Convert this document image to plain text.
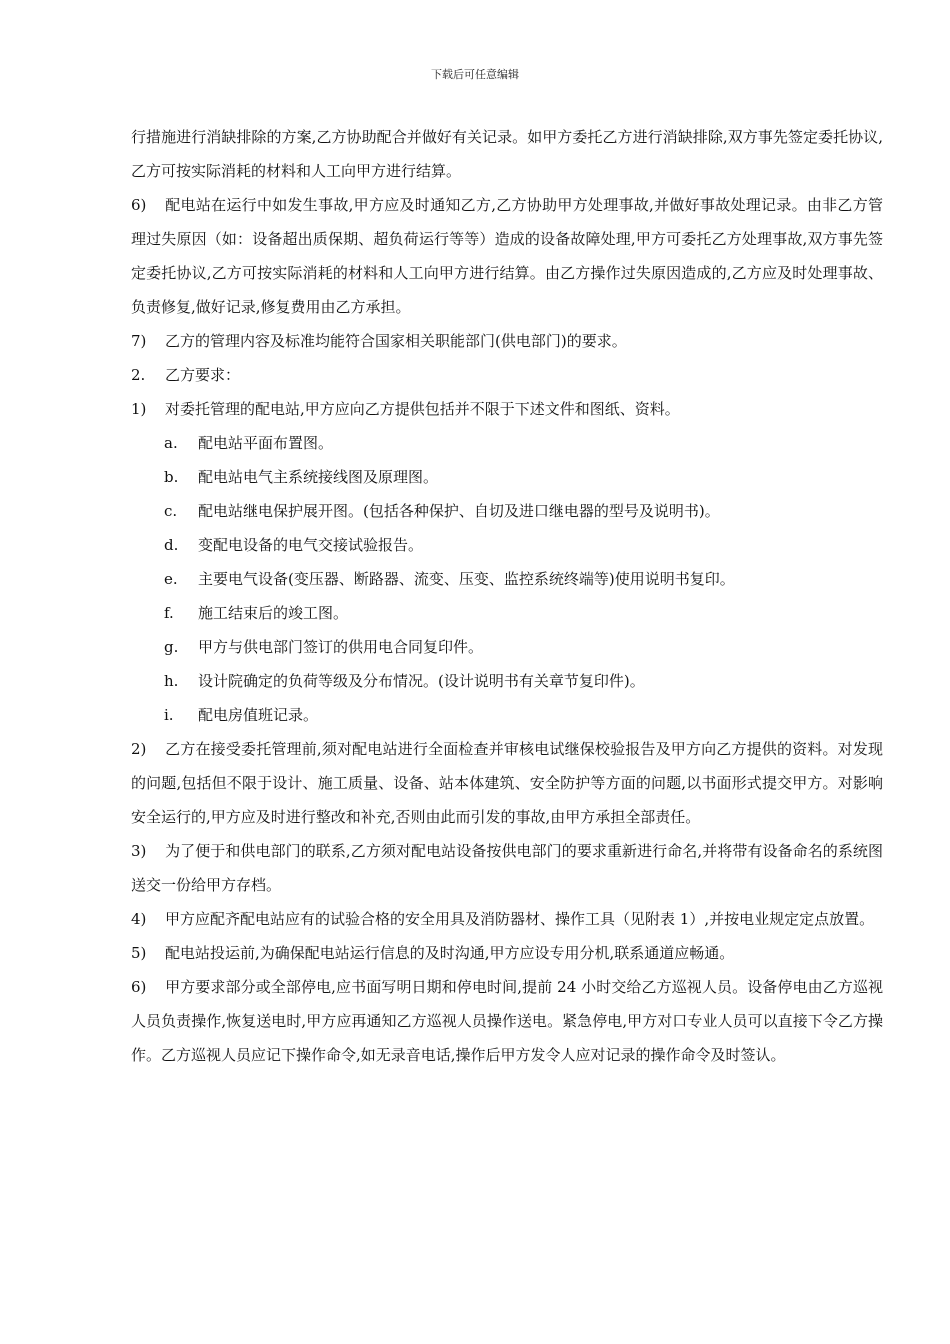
下载后可任意编辑

行措施进行消缺排除的方案,乙方协助配合并做好有关记录。如甲方委托乙方进行消缺排除,双方事先签定委托协议,乙方可按实际消耗的材料和人工向甲方进行结算。

6) 配电站在运行中如发生事故,甲方应及时通知乙方,乙方协助甲方处理事故,并做好事故处理记录。由非乙方管理过失原因（如：设备超出质保期、超负荷运行等等）造成的设备故障处理,甲方可委托乙方处理事故,双方事先签定委托协议,乙方可按实际消耗的材料和人工向甲方进行结算。由乙方操作过失原因造成的,乙方应及时处理事故、负责修复,做好记录,修复费用由乙方承担。

7) 乙方的管理内容及标准均能符合国家相关职能部门(供电部门)的要求。

2. 乙方要求：

1) 对委托管理的配电站,甲方应向乙方提供包括并不限于下述文件和图纸、资料。

a. 配电站平面布置图。

b. 配电站电气主系统接线图及原理图。

c. 配电站继电保护展开图。(包括各种保护、自切及进口继电器的型号及说明书)。

d. 变配电设备的电气交接试验报告。

e. 主要电气设备(变压器、断路器、流变、压变、监控系统终端等)使用说明书复印。

f. 施工结束后的竣工图。

g. 甲方与供电部门签订的供用电合同复印件。

h. 设计院确定的负荷等级及分布情况。(设计说明书有关章节复印件)。

i. 配电房值班记录。

2) 乙方在接受委托管理前,须对配电站进行全面检查并审核电试继保校验报告及甲方向乙方提供的资料。对发现的问题,包括但不限于设计、施工质量、设备、站本体建筑、安全防护等方面的问题,以书面形式提交甲方。对影响安全运行的,甲方应及时进行整改和补充,否则由此而引发的事故,由甲方承担全部责任。

3) 为了便于和供电部门的联系,乙方须对配电站设备按供电部门的要求重新进行命名,并将带有设备命名的系统图送交一份给甲方存档。

4) 甲方应配齐配电站应有的试验合格的安全用具及消防器材、操作工具（见附表 1）,并按电业规定定点放置。

5) 配电站投运前,为确保配电站运行信息的及时沟通,甲方应设专用分机,联系通道应畅通。

6) 甲方要求部分或全部停电,应书面写明日期和停电时间,提前 24 小时交给乙方巡视人员。设备停电由乙方巡视人员负责操作,恢复送电时,甲方应再通知乙方巡视人员操作送电。紧急停电,甲方对口专业人员可以直接下令乙方操作。乙方巡视人员应记下操作命令,如无录音电话,操作后甲方发令人应对记录的操作命令及时签认。
